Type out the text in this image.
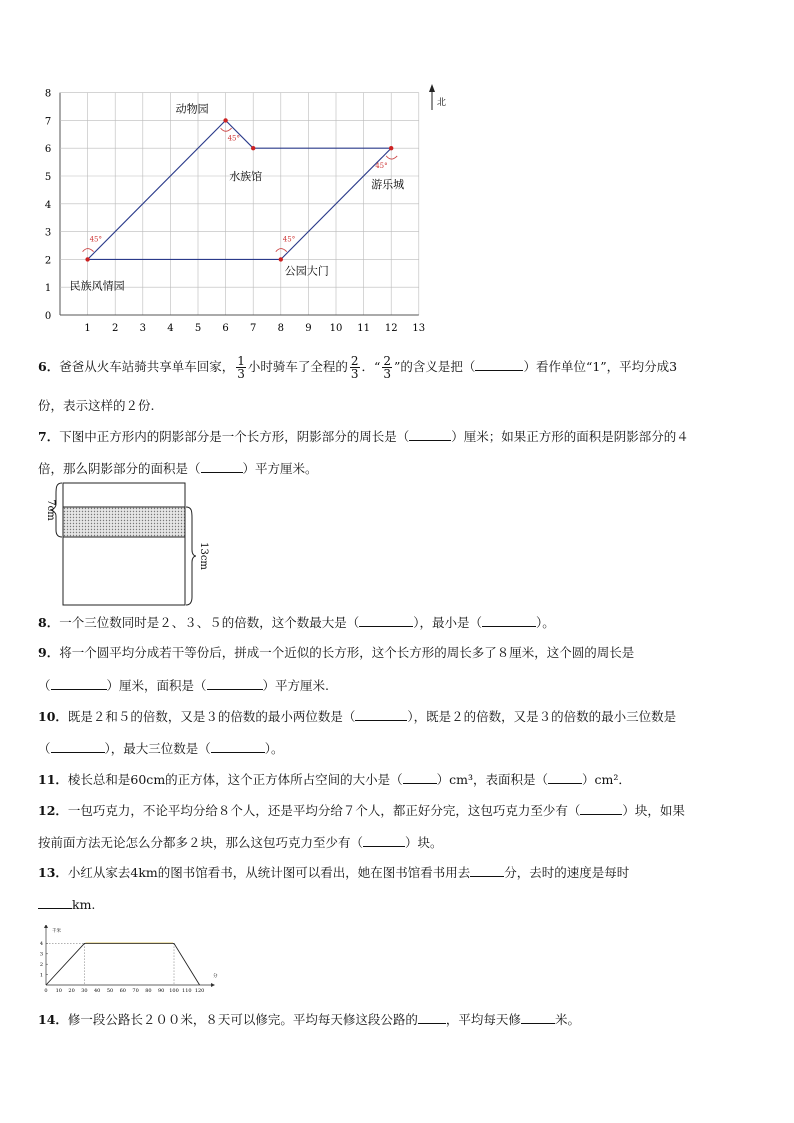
1 2 3 4 5 6 7 8 9 10 11 12 13
0
1
2
3
4
5
6
7
8
民族风情园
动物园
水族馆
游乐城
公园大门
45°
45°
45°
45°
北
6．爸爸从火车站骑共享单车回家， $\frac{1}{3}$ 小时骑车了全程的 $\frac{2}{3}$ ．“ $\frac{2}{3}$ ”的含义是把（	）看作单位“1”，平均分成3
份，表示这样的２份.
7．下图中正方形内的阴影部分是一个长方形，阴影部分的周长是（	）厘米；如果正方形的面积是阴影部分的４
倍，那么阴影部分的面积是（	）平方厘米。
7cm
13cm
8．一个三位数同时是２、３、５的倍数，这个数最大是（	），最小是（	）。
9．将一个圆平均分成若干等份后，拼成一个近似的长方形，这个长方形的周长多了８厘米，这个圆的周长是
（	）厘米，面积是（	）平方厘米.
10．既是２和５的倍数，又是３的倍数的最小两位数是（	），既是２的倍数，又是３的倍数的最小三位数是
（	），最大三位数是（	）。
11．棱长总和是60cm的正方体，这个正方体所占空间的大小是（	）cm³，表面积是（	）cm²．
12．一包巧克力，不论平均分给８个人，还是平均分给７个人，都正好分完，这包巧克力至少有（	）块，如果
按前面方法无论怎么分都多２块，那么这包巧克力至少有（	）块。
13．小红从家去4km的图书馆看书，从统计图可以看出，她在图书馆看书用去	分，去时的速度是每时
km.
0 10 20 30 40 50 60 70 80 90 100 110 120
1
2
3
4
千米
分
14．修一段公路长２００米，８天可以修完。平均每天修这段公路的 ，平均每天修	米。
